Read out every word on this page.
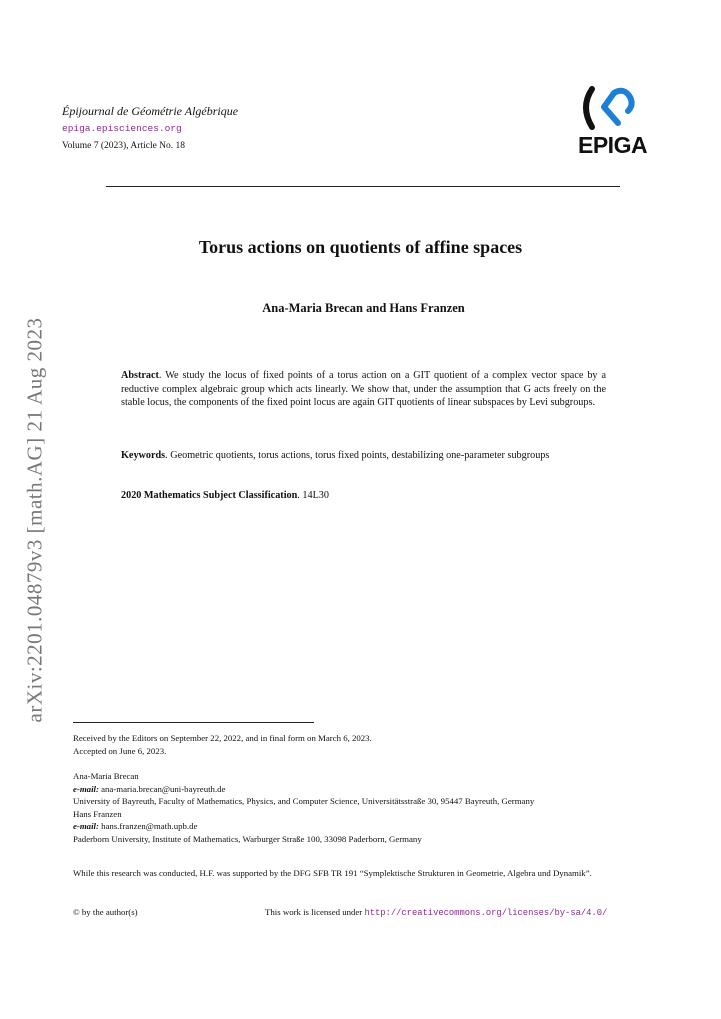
Épijournal de Géométrie Algébrique
epiga.episciences.org
Volume 7 (2023), Article No. 18	EPIGA
Torus actions on quotients of affine spaces
Ana-Maria Brecan and Hans Franzen
Abstract. We study the locus of fixed points of a torus action on a GIT quotient of a complex vector space by a reductive complex algebraic group which acts linearly. We show that, under the assumption that G acts freely on the stable locus, the components of the fixed point locus are again GIT quotients of linear subspaces by Levi subgroups.
Keywords. Geometric quotients, torus actions, torus fixed points, destabilizing one-parameter subgroups
2020 Mathematics Subject Classification. 14L30
arXiv:2201.04879v3 [math.AG] 21 Aug 2023
Received by the Editors on September 22, 2022, and in final form on March 6, 2023.
Accepted on June 6, 2023.
Ana-Maria Brecan
e-mail: ana-maria.brecan@uni-bayreuth.de
University of Bayreuth, Faculty of Mathematics, Physics, and Computer Science, Universitätsstraße 30, 95447 Bayreuth, Germany
Hans Franzen
e-mail: hans.franzen@math.upb.de
Paderborn University, Institute of Mathematics, Warburger Straße 100, 33098 Paderborn, Germany
While this research was conducted, H.F. was supported by the DFG SFB TR 191 “Symplektische Strukturen in Geometrie, Algebra und Dynamik”.
© by the author(s)	This work is licensed under http://creativecommons.org/licenses/by-sa/4.0/
